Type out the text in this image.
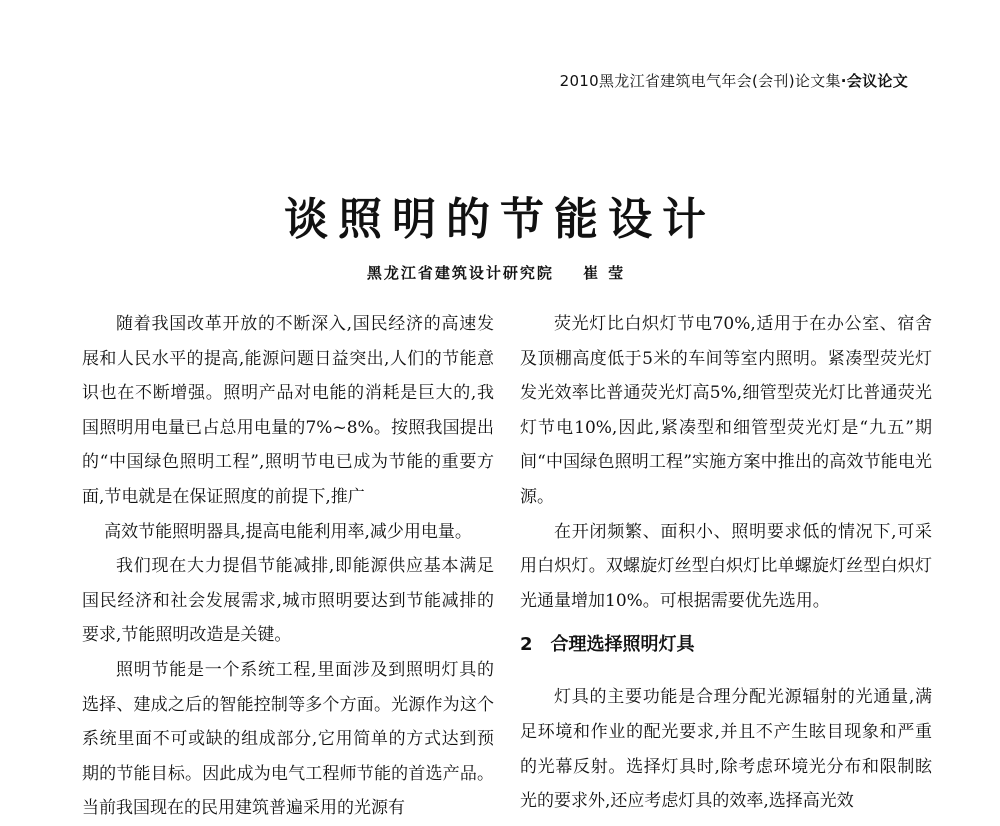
2010黑龙江省建筑电气年会(会刊)论文集·会议论文
谈照明的节能设计
黑龙江省建筑设计研究院 崔莹

随着我国改革开放的不断深入,国民经济的高速发展和人民水平的提高,能源问题日益突出,人们的节能意识也在不断增强。照明产品对电能的消耗是巨大的,我国照明用电量已占总用电量的7%~8%。按照我国提出的“中国绿色照明工程”,照明节电已成为节能的重要方面,节电就是在保证照度的前提下,推广

高效节能照明器具,提高电能利用率,减少用电量。

我们现在大力提倡节能减排,即能源供应基本满足国民经济和社会发展需求,城市照明要达到节能减排的要求,节能照明改造是关键。

照明节能是一个系统工程,里面涉及到照明灯具的选择、建成之后的智能控制等多个方面。光源作为这个系统里面不可或缺的组成部分,它用简单的方式达到预期的节能目标。因此成为电气工程师节能的首选产品。当前我国现在的民用建筑普遍采用的光源有

荧光灯比白炽灯节电70%,适用于在办公室、宿舍及顶棚高度低于5米的车间等室内照明。紧凑型荧光灯发光效率比普通荧光灯高5%,细管型荧光灯比普通荧光灯节电10%,因此,紧凑型和细管型荧光灯是“九五”期间“中国绿色照明工程”实施方案中推出的高效节能电光源。

在开闭频繁、面积小、照明要求低的情况下,可采用白炽灯。双螺旋灯丝型白炽灯比单螺旋灯丝型白炽灯光通量增加10%。可根据需要优先选用。

2 合理选择照明灯具

灯具的主要功能是合理分配光源辐射的光通量,满足环境和作业的配光要求,并且不产生眩目现象和严重的光幕反射。选择灯具时,除考虑环境光分布和限制眩光的要求外,还应考虑灯具的效率,选择高光效
